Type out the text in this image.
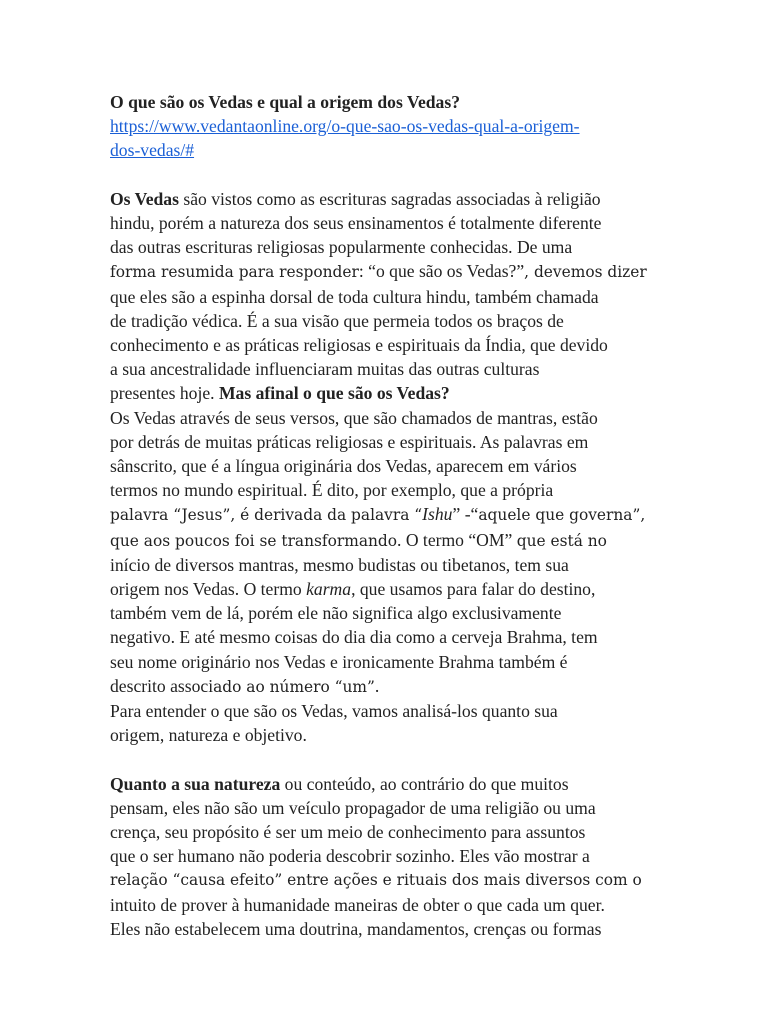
O que são os Vedas e qual a origem dos Vedas?
https://www.vedantaonline.org/o-que-sao-os-vedas-qual-a-origem-
dos-vedas/#
Os Vedas são vistos como as escrituras sagradas associadas à religião
hindu, porém a natureza dos seus ensinamentos é totalmente diferente
das outras escrituras religiosas popularmente conhecidas. De uma
forma resumida para responder: “o que são os Vedas?”, devemos dizer
que eles são a espinha dorsal de toda cultura hindu, também chamada
de tradição védica. É a sua visão que permeia todos os braços de
conhecimento e as práticas religiosas e espirituais da Índia, que devido
a sua ancestralidade influenciaram muitas das outras culturas
presentes hoje. Mas afinal o que são os Vedas?
Os Vedas através de seus versos, que são chamados de mantras, estão
por detrás de muitas práticas religiosas e espirituais. As palavras em
sânscrito, que é a língua originária dos Vedas, aparecem em vários
termos no mundo espiritual. É dito, por exemplo, que a própria
palavra “Jesus”, é derivada da palavra “Ishu” -“aquele que governa”,
que aos poucos foi se transformando. O termo “OM” que está no
início de diversos mantras, mesmo budistas ou tibetanos, tem sua
origem nos Vedas. O termo karma, que usamos para falar do destino,
também vem de lá, porém ele não significa algo exclusivamente
negativo. E até mesmo coisas do dia dia como a cerveja Brahma, tem
seu nome originário nos Vedas e ironicamente Brahma também é
descrito associado ao número “um”.
Para entender o que são os Vedas, vamos analisá-los quanto sua
origem, natureza e objetivo.
Quanto a sua natureza ou conteúdo, ao contrário do que muitos
pensam, eles não são um veículo propagador de uma religião ou uma
crença, seu propósito é ser um meio de conhecimento para assuntos
que o ser humano não poderia descobrir sozinho. Eles vão mostrar a
relação “causa efeito” entre ações e rituais dos mais diversos com o
intuito de prover à humanidade maneiras de obter o que cada um quer.
Eles não estabelecem uma doutrina, mandamentos, crenças ou formas
